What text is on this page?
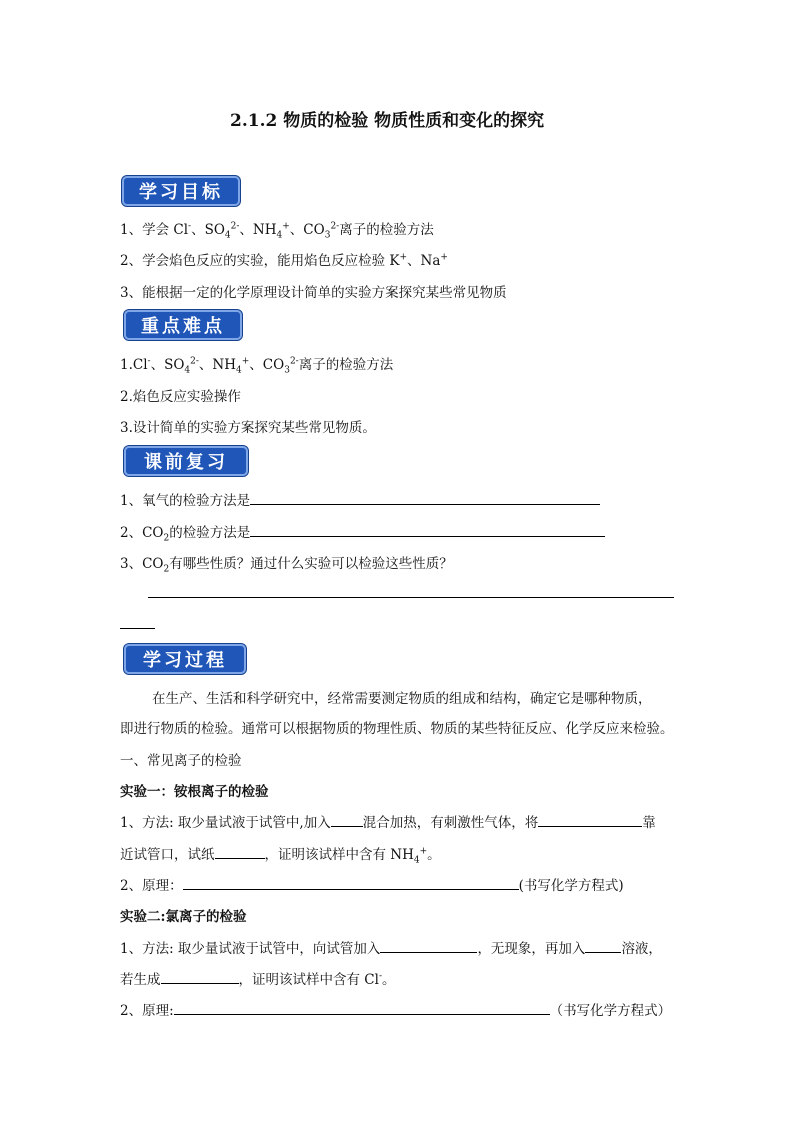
2.1.2 物质的检验 物质性质和变化的探究
学习目标
1、学会 Cl-、$SO_4^{2-}$、$NH_4^+$、$CO_3^{2-}$离子的检验方法
2、学会焰色反应的实验，能用焰色反应检验 K+、Na+
3、能根据一定的化学原理设计简单的实验方案探究某些常见物质
重点难点
1.Cl-、$SO_4^{2-}$、$NH_4^+$、$CO_3^{2-}$离子的检验方法
2.焰色反应实验操作
3.设计简单的实验方案探究某些常见物质。
课前复习
1、氧气的检验方法是
2、$CO_2$的检验方法是
3、$CO_2$有哪些性质？通过什么实验可以检验这些性质？
学习过程
在生产、生活和科学研究中，经常需要测定物质的组成和结构，确定它是哪种物质，
即进行物质的检验。通常可以根据物质的物理性质、物质的某些特征反应、化学反应来检验。
一、常见离子的检验
实验一：铵根离子的检验
1、方法: 取少量试液于试管中,加入 混合加热，有刺激性气体，将	靠
近试管口，试纸	，证明该试样中含有 $NH_4^+$。
2、原理：	(书写化学方程式)
实验二:氯离子的检验
1、方法: 取少量试液于试管中，向试管加入	，无现象，再加入	溶液，
若生成	，证明该试样中含有 Cl-。
2、原理:	（书写化学方程式）
